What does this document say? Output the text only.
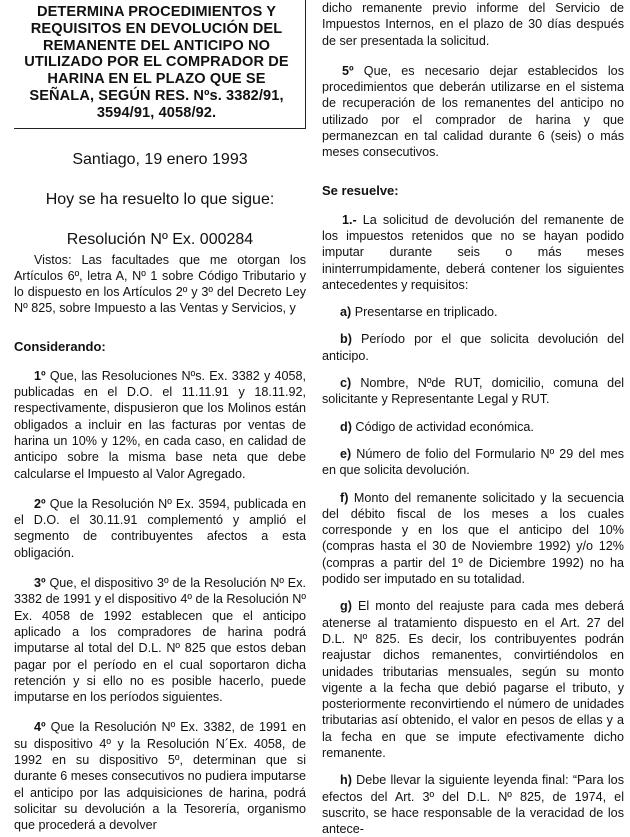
DETERMINA PROCEDIMIENTOS Y REQUISITOS EN DEVOLUCIÓN DEL REMANENTE DEL ANTICIPO NO UTILIZADO POR EL COMPRADOR DE HARINA EN EL PLAZO QUE SE SEÑALA, SEGÚN RES. Nºs. 3382/91, 3594/91, 4058/92.
Santiago, 19 enero 1993
Hoy se ha resuelto lo que sigue:
Resolución Nº Ex. 000284

Vistos: Las facultades que me otorgan los Artículos 6º, letra A, Nº 1 sobre Código Tributario y lo dispuesto en los Artículos 2º y 3º del Decreto Ley Nº 825, sobre Impuesto a las Ventas y Servicios, y

Considerando:

1º Que, las Resoluciones Nºs. Ex. 3382 y 4058, publicadas en el D.O. el 11.11.91 y 18.11.92, respectivamente, dispusieron que los Molinos están obligados a incluir en las facturas por ventas de harina un 10% y 12%, en cada caso, en calidad de anticipo sobre la misma base neta que debe calcularse el Impuesto al Valor Agregado.

2º Que la Resolución Nº Ex. 3594, publicada en el D.O. el 30.11.91 complementó y amplió el segmento de contribuyentes afectos a esta obligación.

3º Que, el dispositivo 3º de la Resolución Nº Ex. 3382 de 1991 y el dispositivo 4º de la Resolución Nº Ex. 4058 de 1992 establecen que el anticipo aplicado a los compradores de harina podrá imputarse al total del D.L. Nº 825 que estos deban pagar por el período en el cual soportaron dicha retención y si ello no es posible hacerlo, puede imputarse en los períodos siguientes.

4º Que la Resolución Nº Ex. 3382, de 1991 en su dispositivo 4º y la Resolución N´Ex. 4058, de 1992 en su dispositivo 5º, determinan que si durante 6 meses consecutivos no pudiera imputarse el anticipo por las adquisiciones de harina, podrá solicitar su devolución a la Tesorería, organismo que procederá a devolver

dicho remanente previo informe del Servicio de Impuestos Internos, en el plazo de 30 días después de ser presentada la solicitud.

5º Que, es necesario dejar establecidos los procedimientos que deberán utilizarse en el sistema de recuperación de los remanentes del anticipo no utilizado por el comprador de harina y que permanezcan en tal calidad durante 6 (seis) o más meses consecutivos.

Se resuelve:

1.- La solicitud de devolución del remanente de los impuestos retenidos que no se hayan podido imputar durante seis o más meses ininterrumpidamente, deberá contener los siguientes antecedentes y requisitos:

a) Presentarse en triplicado.

b) Período por el que solicita devolución del anticipo.

c) Nombre, Nºde RUT, domicilio, comuna del solicitante y Representante Legal y RUT.

d) Código de actividad económica.

e) Número de folio del Formulario Nº 29 del mes en que solicita devolución.

f) Monto del remanente solicitado y la secuencia del débito fiscal de los meses a los cuales corresponde y en los que el anticipo del 10% (compras hasta el 30 de Noviembre 1992) y/o 12% (compras a partir del 1º de Diciembre 1992) no ha podido ser imputado en su totalidad.

g) El monto del reajuste para cada mes deberá atenerse al tratamiento dispuesto en el Art. 27 del D.L. Nº 825. Es decir, los contribuyentes podrán reajustar dichos remanentes, convirtiéndolos en unidades tributarias mensuales, según su monto vigente a la fecha que debió pagarse el tributo, y posteriormente reconvirtiendo el número de unidades tributarias así obtenido, el valor en pesos de ellas y a la fecha en que se impute efectivamente dicho remanente.

h) Debe llevar la siguiente leyenda final: “Para los efectos del Art. 3º del D.L. Nº 825, de 1974, el suscrito, se hace responsable de la veracidad de los antece-
